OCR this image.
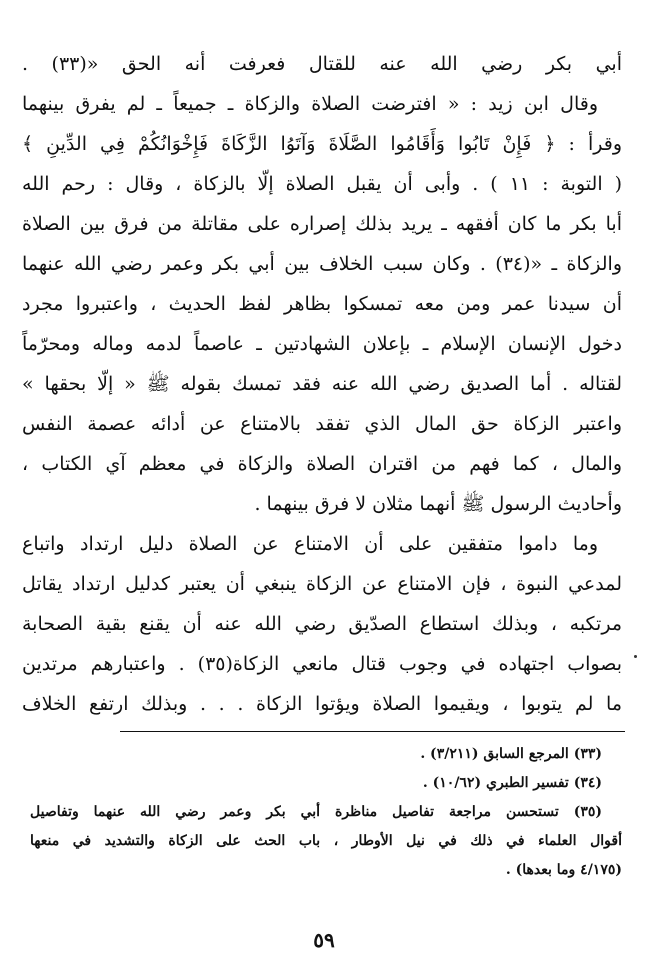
أبي بكر رضي الله عنه للقتال فعرفت أنه الحق «(٣٣) .
وقال ابن زيد : « افترضت الصلاة والزكاة ـ جميعاً ـ لم يفرق بينهما
وقرأ : ﴿ فَإِنْ تَابُوا وَأَقَامُوا الصَّلَاةَ وَآتَوُا الزَّكَاةَ فَإِخْوَانُكُمْ فِي الدِّينِ ﴾
( التوبة : ١١ ) . وأبى أن يقبل الصلاة إلّا بالزكاة ، وقال : رحم الله
أبا بكر ما كان أفقهه ـ يريد بذلك إصراره على مقاتلة من فرق بين الصلاة
والزكاة ـ «(٣٤) . وكان سبب الخلاف بين أبي بكر وعمر رضي الله عنهما
أن سيدنا عمر ومن معه تمسكوا بظاهر لفظ الحديث ، واعتبروا مجرد
دخول الإنسان الإسلام ـ بإعلان الشهادتين ـ عاصماً لدمه وماله ومحرّماً
لقتاله . أما الصديق رضي الله عنه فقد تمسك بقوله ﷺ « إلّا بحقها »
واعتبر الزكاة حق المال الذي تفقد بالامتناع عن أدائه عصمة النفس
والمال ، كما فهم من اقتران الصلاة والزكاة في معظم آي الكتاب ،
وأحاديث الرسول ﷺ أنهما مثلان لا فرق بينهما .
وما داموا متفقين على أن الامتناع عن الصلاة دليل ارتداد واتباع
لمدعي النبوة ، فإن الامتناع عن الزكاة ينبغي أن يعتبر كدليل ارتداد يقاتل
مرتكبه ، وبذلك استطاع الصدّيق رضي الله عنه أن يقنع بقية الصحابة
بصواب اجتهاده في وجوب قتال مانعي الزكاة(٣٥) . واعتبارهم مرتدين
ما لم يتوبوا ، ويقيموا الصلاة ويؤتوا الزكاة . . . وبذلك ارتفع الخلاف
(٣٣) المرجع السابق (٣/٢١١) .
(٣٤) تفسير الطبري (١٠/٦٢) .
(٣٥) تستحسن مراجعة تفاصيل مناظرة أبي بكر وعمر رضي الله عنهما وتفاصيل
أقوال العلماء في ذلك في نيل الأوطار ، باب الحث على الزكاة والتشديد في منعها
(٤/١٧٥ وما بعدها) .
٥٩
